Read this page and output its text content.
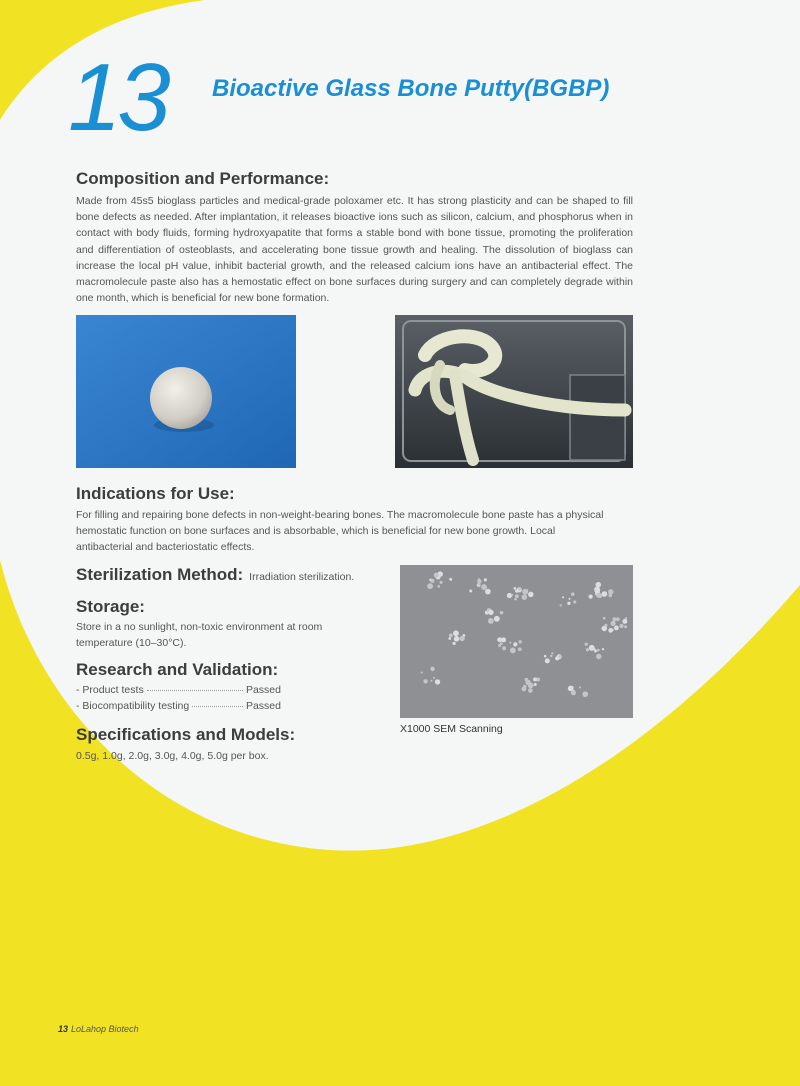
13 Bioactive Glass Bone Putty(BGBP)
Composition and Performance:
Made from 45s5 bioglass particles and medical-grade poloxamer etc. It has strong plasticity and can be shaped to fill bone defects as needed. After implantation, it releases bioactive ions such as silicon, calcium, and phosphorus when in contact with body fluids, forming hydroxyapatite that forms a stable bond with bone tissue, promoting the proliferation and differentiation of osteoblasts, and accelerating bone tissue growth and healing. The dissolution of bioglass can increase the local pH value, inhibit bacterial growth, and the released calcium ions have an antibacterial effect. The macromolecule paste also has a hemostatic effect on bone surfaces during surgery and can completely degrade within one month, which is beneficial for new bone formation.
Indications for Use:
For filling and repairing bone defects in non-weight-bearing bones. The macromolecule bone paste has a physical hemostatic function on bone surfaces and is absorbable, which is beneficial for new bone growth. Local antibacterial and bacteriostatic effects.
Sterilization Method: Irradiation sterilization.
Storage:
Store in a no sunlight, non-toxic environment at room temperature (10–30°C).
Research and Validation:
- Product tests	Passed
- Biocompatibility testing	Passed
Specifications and Models:
0.5g, 1.0g, 2.0g, 3.0g, 4.0g, 5.0g per box.
X1000 SEM Scanning
13 LoLahop Biotech
